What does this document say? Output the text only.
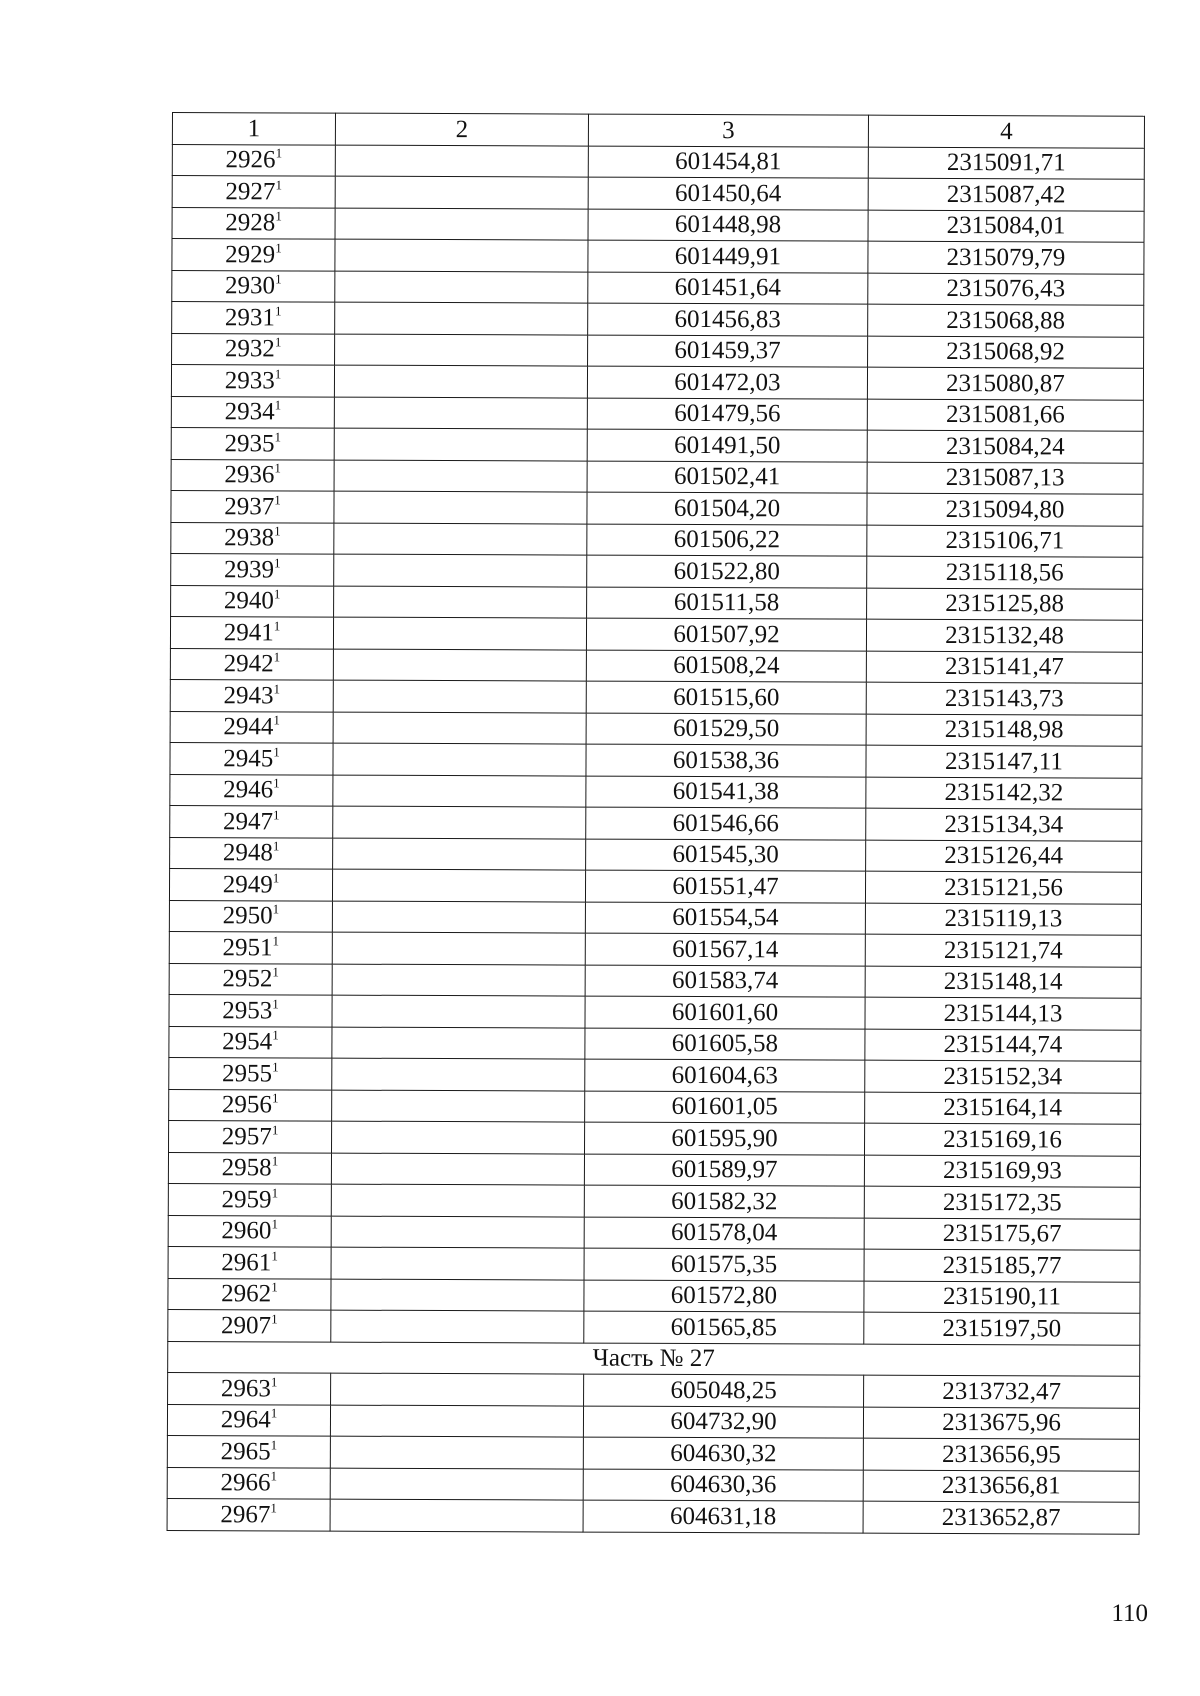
1	2	3	4
2926$^1$		601454,81	2315091,71
2927$^1$		601450,64	2315087,42
2928$^1$		601448,98	2315084,01
2929$^1$		601449,91	2315079,79
2930$^1$		601451,64	2315076,43
2931$^1$		601456,83	2315068,88
2932$^1$		601459,37	2315068,92
2933$^1$		601472,03	2315080,87
2934$^1$		601479,56	2315081,66
2935$^1$		601491,50	2315084,24
2936$^1$		601502,41	2315087,13
2937$^1$		601504,20	2315094,80
2938$^1$		601506,22	2315106,71
2939$^1$		601522,80	2315118,56
2940$^1$		601511,58	2315125,88
2941$^1$		601507,92	2315132,48
2942$^1$		601508,24	2315141,47
2943$^1$		601515,60	2315143,73
2944$^1$		601529,50	2315148,98
2945$^1$		601538,36	2315147,11
2946$^1$		601541,38	2315142,32
2947$^1$		601546,66	2315134,34
2948$^1$		601545,30	2315126,44
2949$^1$		601551,47	2315121,56
2950$^1$		601554,54	2315119,13
2951$^1$		601567,14	2315121,74
2952$^1$		601583,74	2315148,14
2953$^1$		601601,60	2315144,13
2954$^1$		601605,58	2315144,74
2955$^1$		601604,63	2315152,34
2956$^1$		601601,05	2315164,14
2957$^1$		601595,90	2315169,16
2958$^1$		601589,97	2315169,93
2959$^1$		601582,32	2315172,35
2960$^1$		601578,04	2315175,67
2961$^1$		601575,35	2315185,77
2962$^1$		601572,80	2315190,11
2907$^1$		601565,85	2315197,50
Часть № 27			
2963$^1$		605048,25	2313732,47
2964$^1$		604732,90	2313675,96
2965$^1$		604630,32	2313656,95
2966$^1$		604630,36	2313656,81
2967$^1$		604631,18	2313652,87
110
